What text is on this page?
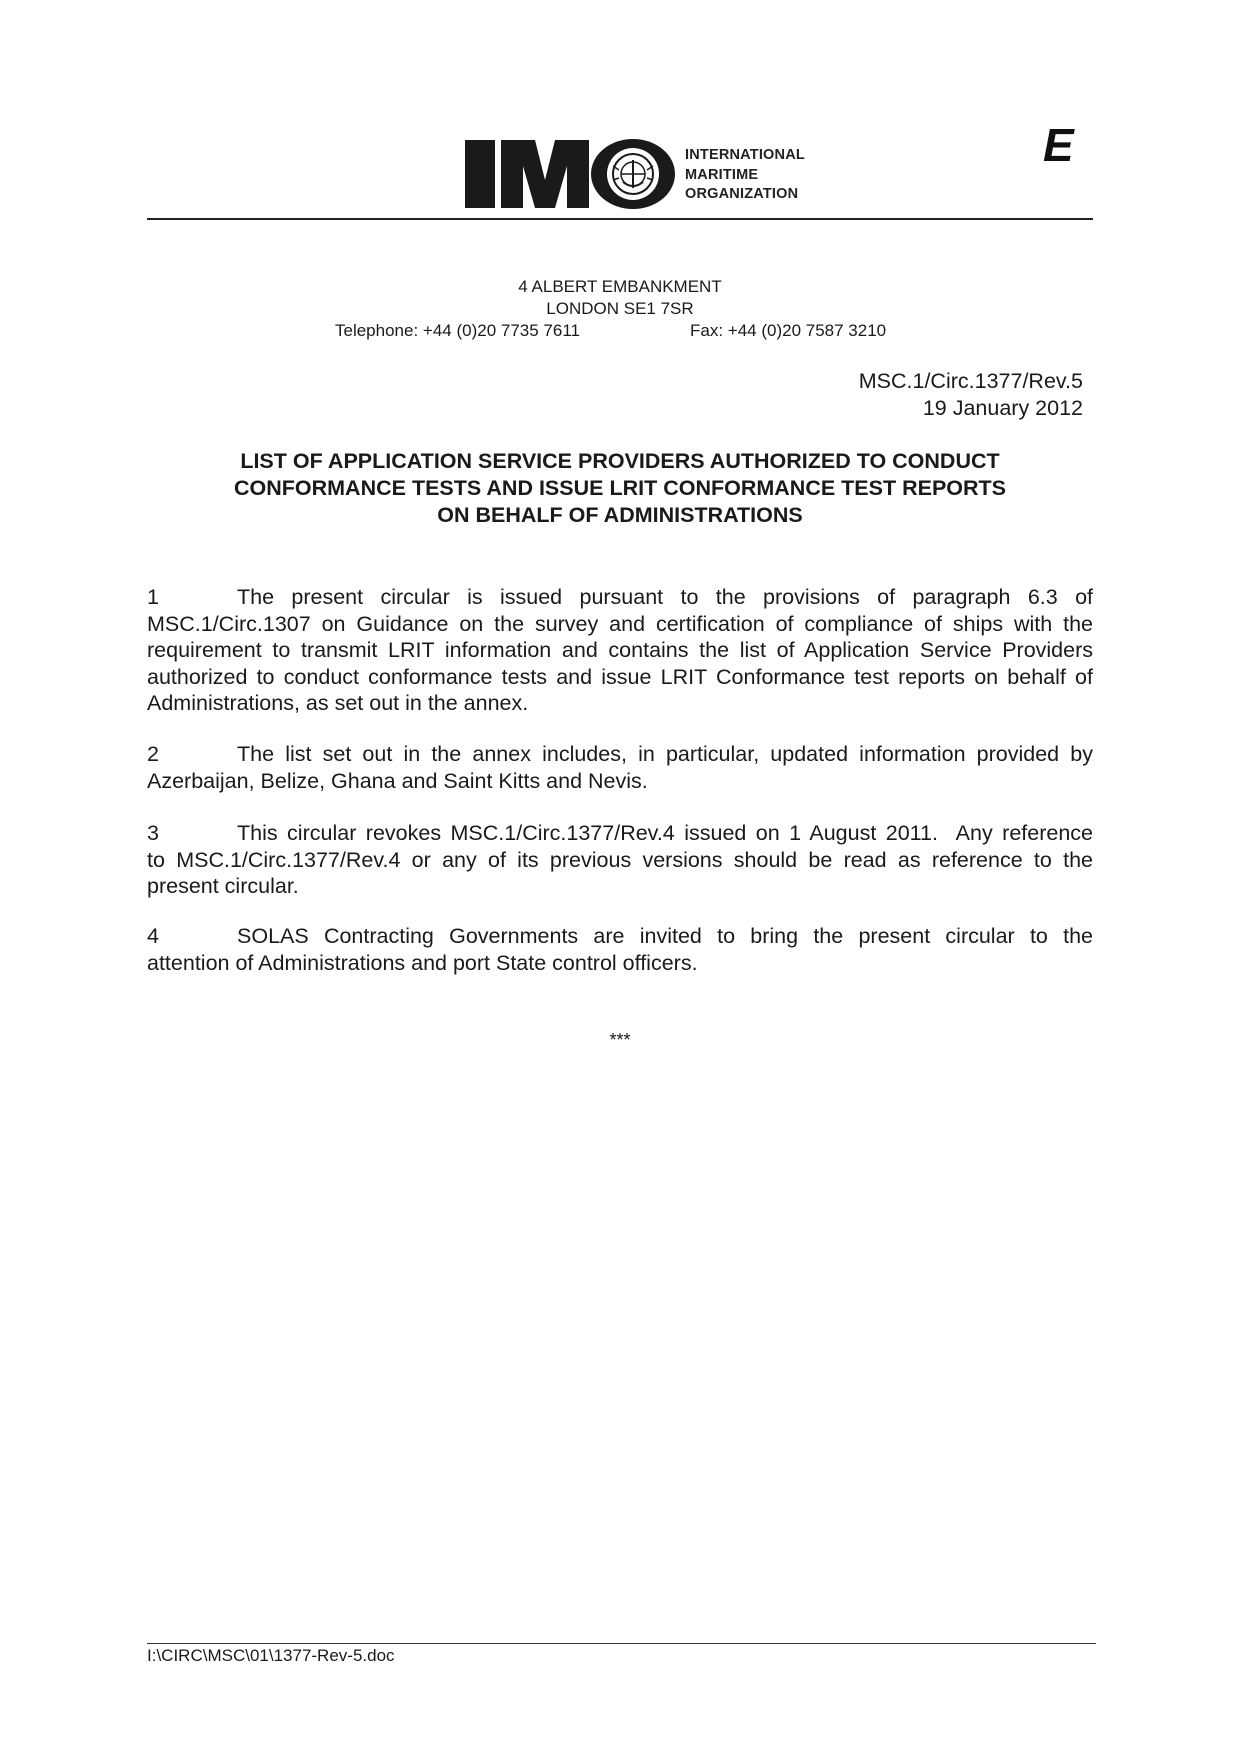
INTERNATIONAL
MARITIME
ORGANIZATION
E
4 ALBERT EMBANKMENT
LONDON SE1 7SR
Telephone: +44 (0)20 7735 7611	Fax: +44 (0)20 7587 3210
MSC.1/Circ.1377/Rev.5
19 January 2012
LIST OF APPLICATION SERVICE PROVIDERS AUTHORIZED TO CONDUCT
CONFORMANCE TESTS AND ISSUE LRIT CONFORMANCE TEST REPORTS
ON BEHALF OF ADMINISTRATIONS
1	The present circular is issued pursuant to the provisions of paragraph 6.3 of
MSC.1/Circ.1307 on Guidance on the survey and certification of compliance of ships with the
requirement to transmit LRIT information and contains the list of Application Service Providers
authorized to conduct conformance tests and issue LRIT Conformance test reports on behalf of
Administrations, as set out in the annex.
2	The list set out in the annex includes, in particular, updated information provided by
Azerbaijan, Belize, Ghana and Saint Kitts and Nevis.
3	This circular revokes MSC.1/Circ.1377/Rev.4 issued on 1 August 2011.  Any reference
to MSC.1/Circ.1377/Rev.4 or any of its previous versions should be read as reference to the
present circular.
4	SOLAS Contracting Governments are invited to bring the present circular to the
attention of Administrations and port State control officers.
***
I:\CIRC\MSC\01\1377-Rev-5.doc
